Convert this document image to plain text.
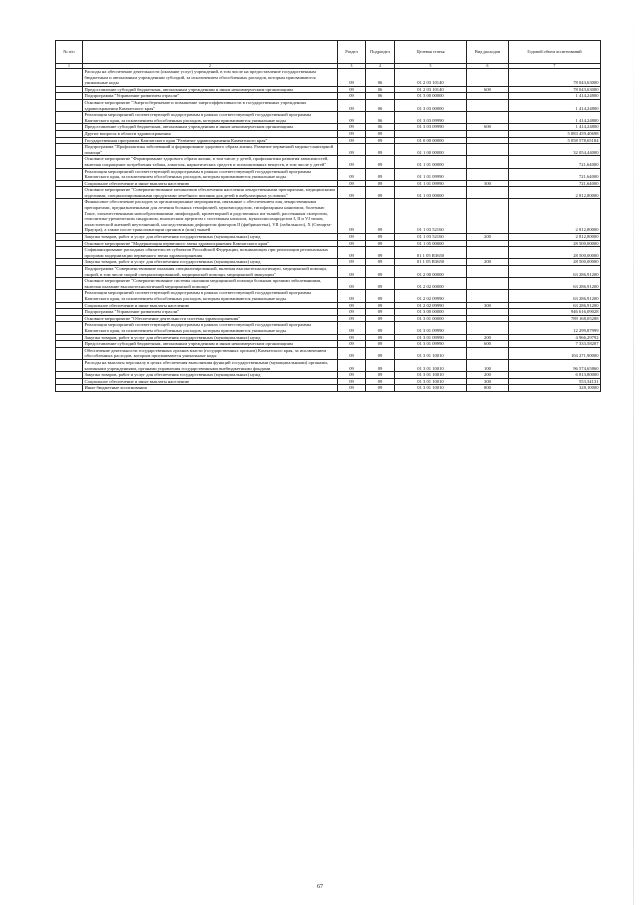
№ п/п		Раздел	Подраздел	Целевая статья	Вид расходов	Годовой объем ассигнований
1	2	3	4	5	6	7
	Расходы на обеспечение деятельности (оказание услуг) учреждений, в том числе на предоставление государственным бюджетным и автономным учреждениям субсидий, за исключением обособленных расходов, которым присваиваются уникальные коды	09	06	01 2 03 10140		78 043,63000
	Предоставление субсидий бюджетным, автономным учреждениям и иным некоммерческим организациям	09	06	01 2 03 10140	600	78 043,63000
	Подпрограмма "Управление развитием отрасли"	09	06	01 3 00 00000		1 414,24800
	Основное мероприятие "Энергосбережение и повышение энергоэффективности в государственных учреждениях здравоохранения Камчатского края"	09	06	01 3 03 00000		1 414,24800
	Реализация мероприятий соответствующей подпрограммы в рамках соответствующей государственной программы Камчатского края, за исключением обособленных расходов, которым присваиваются уникальные коды	09	06	01 3 03 09990		1 414,24800
	Предоставление субсидий бюджетным, автономным учреждениям и иным некоммерческим организациям	09	06	01 3 03 09990	600	1 414,24800
	Другие вопросы в области здравоохранения	09	09			5 083 459,40698
	Государственная программа Камчатского края "Развитие здравоохранения Камчатского края"	09	09	01 0 00 00000		5 058 578,65184
	Подпрограмма "Профилактика заболеваний и формирование здорового образа жизни. Развитие первичной медико-санитарной помощи"	09	09	01 1 00 00000		32 054,44000
	Основное мероприятие "Формирование здорового образа жизни, в том числе у детей, профилактика развития зависимостей, включая сокращение потребления табака, алкоголя, наркотических средств и психоактивных веществ, в том числе у детей"	09	09	01 1 01 00000		721,64000
	Реализация мероприятий соответствующей подпрограммы в рамках соответствующей государственной программы Камчатского края, за исключением обособленных расходов, которым присваиваются уникальные коды	09	09	01 1 01 09990		721,64000
	Социальное обеспечение и иные выплаты населению	09	09	01 1 01 09990	300	721,64000
	Основное мероприятие "Совершенствование механизмов обеспечения населения лекарственными препаратами, медицинскими изделиями, специализированными продуктами лечебного питания для детей в амбулаторных условиях"	09	09	01 1 03 00000		2 812,80000
	Финансовое обеспечение расходов за организационные мероприятия, связанные с обеспечением лиц лекарственными препаратами, предназначенными для лечения больных гемофилией, муковисцидозом, гипофизарным нанизмом, болезнью Гоше, злокачественными новообразованиями лимфоидной, кроветворной и родственных им тканей, рассеянным склерозом, гемолитико-уремическим синдромом, юношеским артритом с системным началом, мукополисахаридозом I, II и VI типов, апластической анемией неуточненной, наследственным дефицитом факторов II (фибриногена), VII (лабильного), X (Стюарта-Прауэра), а также после трансплантации органов и (или) тканей	09	09	01 1 03 52160		2 812,80000
	Закупка товаров, работ и услуг для обеспечения государственных (муниципальных) нужд	09	09	01 1 03 52160	200	2 812,80000
	Основное мероприятие "Модернизация первичного звена здравоохранения Камчатского края"	09	09	01 1 05 00000		28 500,00000
	Софинансирование расходных обязательств субъектов Российской Федерации, возникающих при реализации региональных программ модернизации первичного звена здравоохранения	09	09	01 1 05 R3650		28 500,00000
	Закупка товаров, работ и услуг для обеспечения государственных (муниципальных) нужд	09	09	01 1 05 R3650	200	28 500,00000
	Подпрограмма "Совершенствование оказания специализированной, включая высокотехнологичную, медицинской помощи, скорой, в том числе скорой специализированной, медицинской помощи, медицинской эвакуации"	09	09	01 2 00 00000		63 286,91200
	Основное мероприятие "Совершенствование системы оказания медицинской помощи больным прочими заболеваниями, включая оказание высокотехнологичной медицинской помощи"	09	09	01 2 02 00000		63 286,91200
	Реализация мероприятий соответствующей подпрограммы в рамках соответствующей государственной программы Камчатского края, за исключением обособленных расходов, которым присваиваются уникальные коды	09	09	01 2 02 09990		63 286,91200
	Социальное обеспечение и иные выплаты населению	09	09	01 2 02 09990	300	63 286,91200
	Подпрограмма "Управление развитием отрасли"	09	09	01 3 00 00000		946 616,09028
	Основное мероприятие "Обеспечение деятельности системы здравоохранения"	09	09	01 3 01 00000		789 168,05288
	Реализация мероприятий соответствующей подпрограммы в рамках соответствующей государственной программы Камчатского края, за исключением обособленных расходов, которым присваиваются уникальные коды	09	09	01 3 01 09990		12 299,87999
	Закупка товаров, работ и услуг для обеспечения государственных (муниципальных) нужд	09	09	01 3 01 09990	200	4 966,29792
	Предоставление субсидий бюджетным, автономным учреждениям и иным некоммерческим организациям	09	09	01 3 01 09990	600	7 333,58207
	Обеспечение деятельности государственных органов власти (государственных органов) Камчатского края, за исключением обособленных расходов, которым присваиваются уникальные коды	09	09	01 3 01 10010		104 271,90000
	Расходы на выплаты персоналу в целях обеспечения выполнения функций государственными (муниципальными) органами, казенными учреждениями, органами управления государственными внебюджетными фондами	09	09	01 3 01 10010	100	96 574,65860
	Закупка товаров, работ и услуг для обеспечения государственных (муниципальных) нужд	09	09	01 3 01 10010	200	6 813,80000
	Социальное обеспечение и иные выплаты населению	09	09	01 3 01 10010	300	553,34131
	Иные бюджетные ассигнования	09	09	01 3 01 10010	800	328,10000
67
